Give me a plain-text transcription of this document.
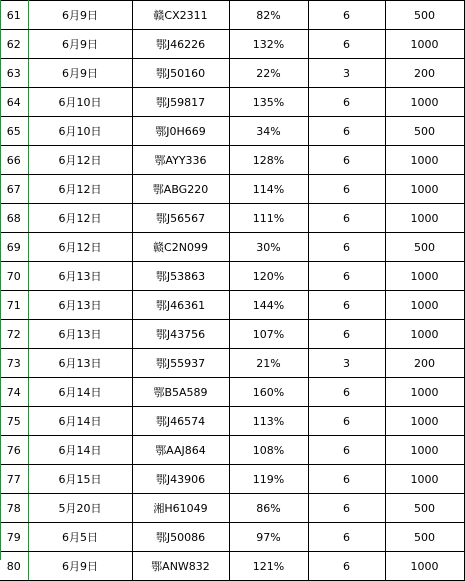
61	6月9日	赣CX2311	82%	6	500
62	6月9日	鄂J46226	132%	6	1000
63	6月9日	鄂J50160	22%	3	200
64	6月10日	鄂J59817	135%	6	1000
65	6月10日	鄂J0H669	34%	6	500
66	6月12日	鄂AYY336	128%	6	1000
67	6月12日	鄂ABG220	114%	6	1000
68	6月12日	鄂J56567	111%	6	1000
69	6月12日	赣C2N099	30%	6	500
70	6月13日	鄂J53863	120%	6	1000
71	6月13日	鄂J46361	144%	6	1000
72	6月13日	鄂J43756	107%	6	1000
73	6月13日	鄂J55937	21%	3	200
74	6月14日	鄂B5A589	160%	6	1000
75	6月14日	鄂J46574	113%	6	1000
76	6月14日	鄂AAJ864	108%	6	1000
77	6月15日	鄂J43906	119%	6	1000
78	5月20日	湘H61049	86%	6	500
79	6月5日	鄂J50086	97%	6	500
80	6月9日	鄂ANW832	121%	6	1000
